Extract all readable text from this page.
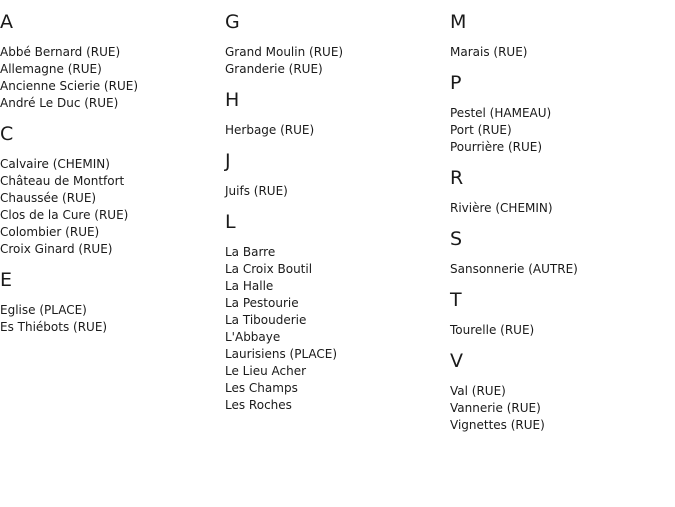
A
Abbé Bernard (RUE)
Allemagne (RUE)
Ancienne Scierie (RUE)
André Le Duc (RUE)
C
Calvaire (CHEMIN)
Château de Montfort
Chaussée (RUE)
Clos de la Cure (RUE)
Colombier (RUE)
Croix Ginard (RUE)
E
Eglise (PLACE)
Es Thiébots (RUE)
G
Grand Moulin (RUE)
Granderie (RUE)
H
Herbage (RUE)
J
Juifs (RUE)
L
La Barre
La Croix Boutil
La Halle
La Pestourie
La Tibouderie
L'Abbaye
Laurisiens (PLACE)
Le Lieu Acher
Les Champs
Les Roches
M
Marais (RUE)
P
Pestel (HAMEAU)
Port (RUE)
Pourrière (RUE)
R
Rivière (CHEMIN)
S
Sansonnerie (AUTRE)
T
Tourelle (RUE)
V
Val (RUE)
Vannerie (RUE)
Vignettes (RUE)
